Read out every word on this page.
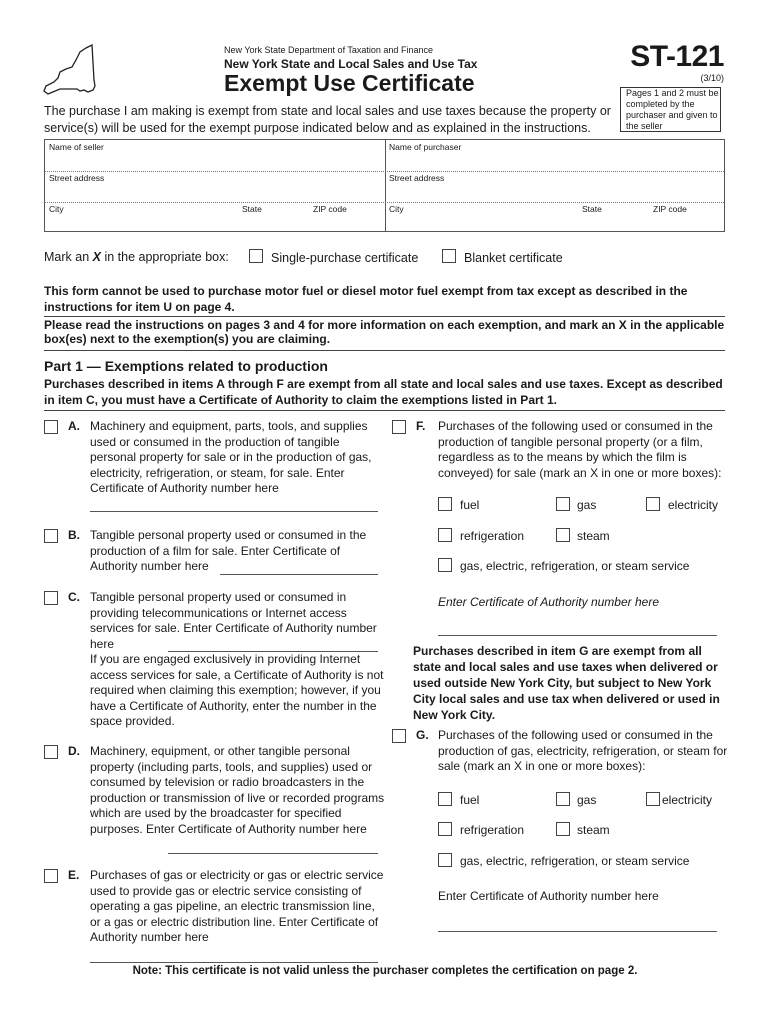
New York State Department of Taxation and Finance
New York State and Local Sales and Use Tax
Exempt Use Certificate
ST-121
(3/10)
Pages 1 and 2 must be completed by the purchaser and given to the seller
The purchase I am making is exempt from state and local sales and use taxes because the property or service(s) will be used for the exempt purpose indicated below and as explained in the instructions.
Name of seller	Name of purchaser
Street address	Street address
City	State	ZIP code	City	State	ZIP code
Mark an X in the appropriate box:	Single-purchase certificate	Blanket certificate
This form cannot be used to purchase motor fuel or diesel motor fuel exempt from tax except as described in the instructions for item U on page 4.
Please read the instructions on pages 3 and 4 for more information on each exemption, and mark an X in the applicable box(es) next to the exemption(s) you are claiming.
Part 1 — Exemptions related to production
Purchases described in items A through F are exempt from all state and local sales and use taxes. Except as described in item C, you must have a Certificate of Authority to claim the exemptions listed in Part 1.
A. Machinery and equipment, parts, tools, and supplies used or consumed in the production of tangible personal property for sale or in the production of gas, electricity, refrigeration, or steam, for sale. Enter Certificate of Authority number here
B. Tangible personal property used or consumed in the production of a film for sale. Enter Certificate of Authority number here
C. Tangible personal property used or consumed in providing telecommunications or Internet access services for sale. Enter Certificate of Authority number here
If you are engaged exclusively in providing Internet access services for sale, a Certificate of Authority is not required when claiming this exemption; however, if you have a Certificate of Authority, enter the number in the space provided.
D. Machinery, equipment, or other tangible personal property (including parts, tools, and supplies) used or consumed by television or radio broadcasters in the production or transmission of live or recorded programs which are used by the broadcaster for specified purposes. Enter Certificate of Authority number here
E. Purchases of gas or electricity or gas or electric service used to provide gas or electric service consisting of operating a gas pipeline, an electric transmission line, or a gas or electric distribution line. Enter Certificate of Authority number here
F. Purchases of the following used or consumed in the production of tangible personal property (or a film, regardless as to the means by which the film is conveyed) for sale (mark an X in one or more boxes):
fuel	gas	electricity
refrigeration	steam
gas, electric, refrigeration, or steam service
Enter Certificate of Authority number here
Purchases described in item G are exempt from all state and local sales and use taxes when delivered or used outside New York City, but subject to New York City local sales and use tax when delivered or used in New York City.
G. Purchases of the following used or consumed in the production of gas, electricity, refrigeration, or steam for sale (mark an X in one or more boxes):
fuel	gas	electricity
refrigeration	steam
gas, electric, refrigeration, or steam service
Enter Certificate of Authority number here
Note: This certificate is not valid unless the purchaser completes the certification on page 2.
